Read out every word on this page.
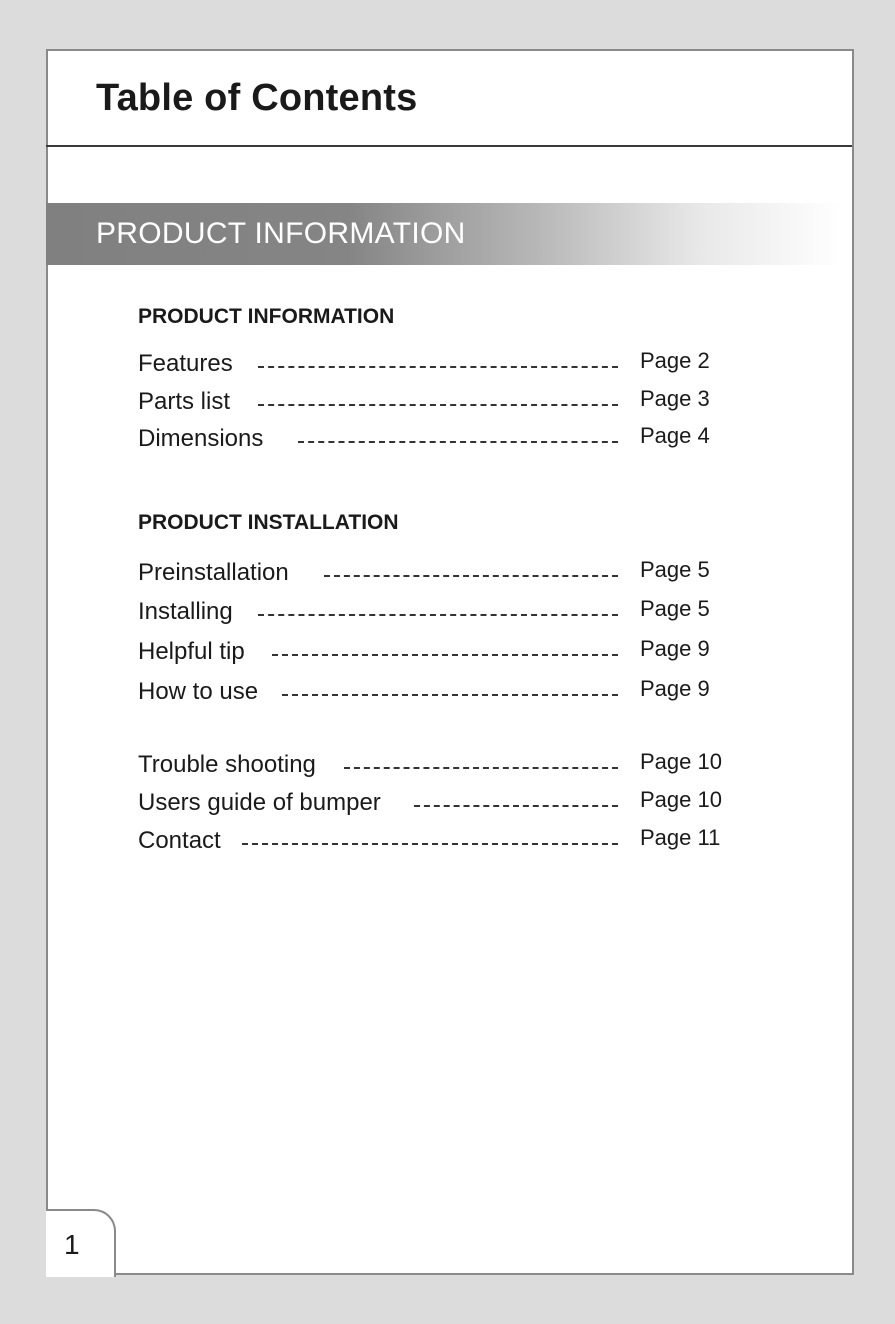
Table of Contents
PRODUCT INFORMATION
PRODUCT INFORMATION
Features	Page 2
Parts list	Page 3
Dimensions	Page 4
PRODUCT INSTALLATION
Preinstallation	Page 5
Installing	Page 5
Helpful tip	Page 9
How to use	Page 9
Trouble shooting	Page 10
Users guide of bumper	Page 10
Contact	Page 11
1
